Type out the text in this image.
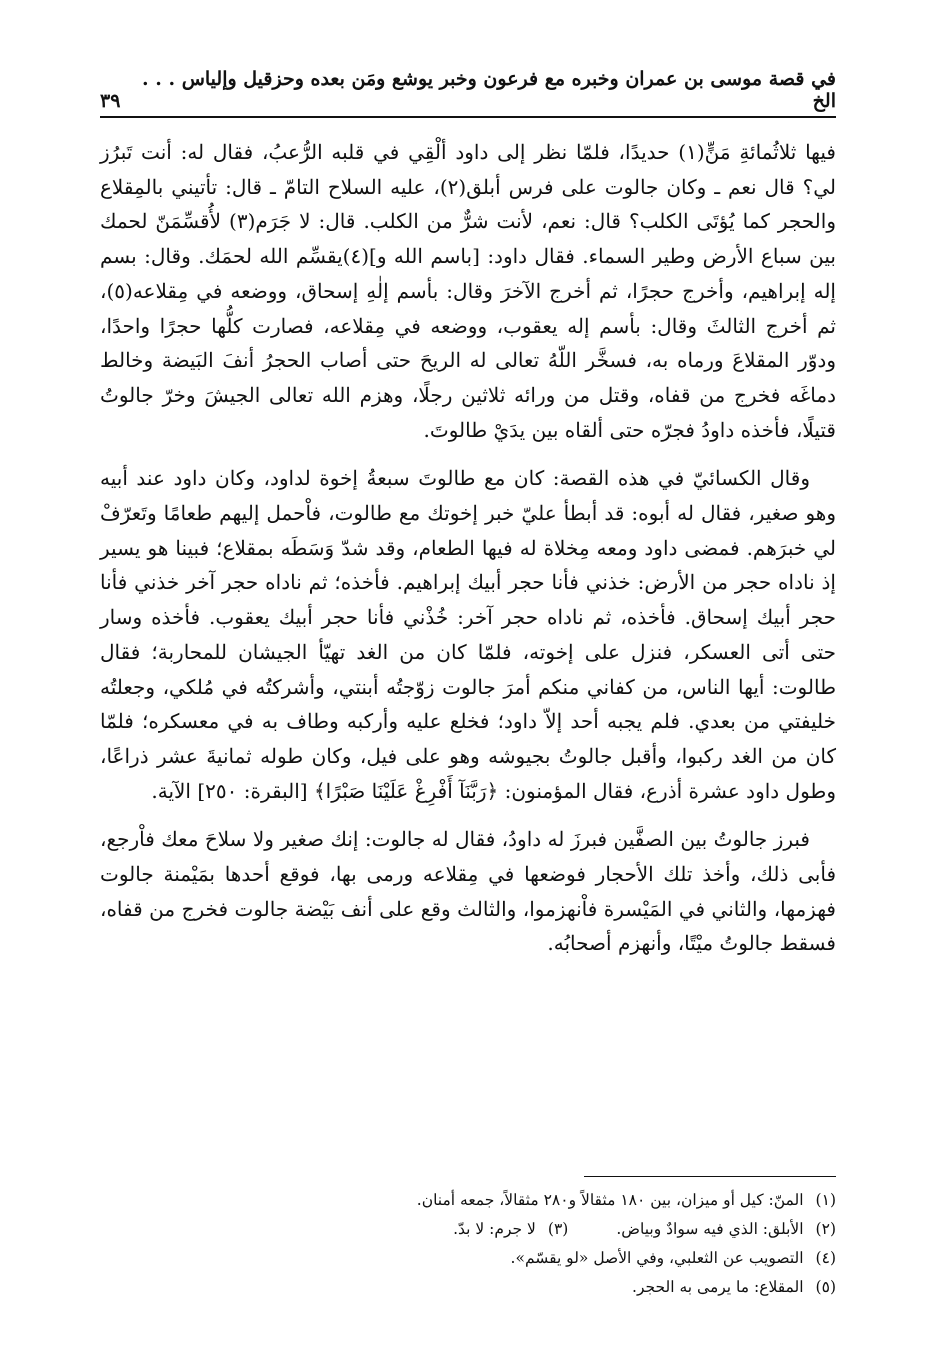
في قصة موسى بن عمران وخبره مع فرعون وخبر يوشع ومَن بعده وحزقيل وإلياس . . . الخ
٣٩

فيها ثلاثُمائةِ مَنٍّ(١) حديدًا، فلمّا نظر إلى داود ألْقِي في قلبه الرُّعبُ، فقال له: أنت تَبرُز لي؟ قال نعم ـ وكان جالوت على فرس أبلق(٢)، عليه السلاح التامّ ـ قال: تأتيني بالمِقلاع والحجر كما يُؤتَى الكلب؟ قال: نعم، لأنت شرٌّ من الكلب. قال: لا جَرَم(٣) لأُقسِّمَنّ لحمك بين سباع الأرض وطير السماء. فقال داود: [باسم الله و](٤)يقسِّم الله لحمَك. وقال: بسم إله إبراهيم، وأخرج حجرًا، ثم أخرج الآخرَ وقال: بأسم إلٰهِ إسحاق، ووضعه في مِقلاعه(٥)، ثم أخرج الثالثَ وقال: بأسم إله يعقوب، ووضعه في مِقلاعه، فصارت كلُّها حجرًا واحدًا، ودوّر المقلاعَ ورماه به، فسخَّر اللّهُ تعالى له الريحَ حتى أصاب الحجرُ أنفَ البَيضة وخالط دماغَه فخرج من قفاه، وقتل من ورائه ثلاثين رجلًا، وهزم الله تعالى الجيشَ وخرّ جالوتُ قتيلًا، فأخذه داودُ فجرّه حتى ألقاه بين يدَيْ طالوتَ.

وقال الكسائيّ في هذه القصة: كان مع طالوتَ سبعةُ إخوة لداود، وكان داود عند أبيه وهو صغير، فقال له أبوه: قد أبطأ عليّ خبر إخوتك مع طالوت، فاْحمل إليهم طعامًا وتَعرّفْ لي خبرَهم. فمضى داود ومعه مِخلاة له فيها الطعام، وقد شدّ وَسَطَه بمقلاع؛ فبينا هو يسير إذ ناداه حجر من الأرض: خذني فأنا حجر أبيك إبراهيم. فأخذه؛ ثم ناداه حجر آخر خذني فأنا حجر أبيك إسحاق. فأخذه، ثم ناداه حجر آخر: خُذْني فأنا حجر أبيك يعقوب. فأخذه وسار حتى أتى العسكر، فنزل على إخوته، فلمّا كان من الغد تهيّأ الجيشان للمحاربة؛ فقال طالوت: أيها الناس، من كفاني منكم أمرَ جالوت زوّجتُه أبنتي، وأشركتُه في مُلكي، وجعلتُه خليفتي من بعدي. فلم يجبه أحد إلاّ داود؛ فخلع عليه وأركبه وطاف به في معسكره؛ فلمّا كان من الغد ركبوا، وأقبل جالوتُ بجيوشه وهو على فيل، وكان طوله ثمانيةَ عشر ذراعًا، وطول داود عشرة أذرع، فقال المؤمنون: ﴿رَبَّنَآ أَفْرِغْ عَلَيْنَا صَبْرًا﴾ [البقرة: ٢٥٠] الآية.

فبرز جالوتُ بين الصفَّين فبرزَ له داودُ، فقال له جالوت: إنك صغير ولا سلاحَ معك فاْرجع، فأبى ذلك، وأخذ تلك الأحجار فوضعها في مِقلاعه ورمى بها، فوقع أحدها بمَيْمنة جالوت فهزمها، والثاني في المَيْسرة فاْنهزموا، والثالث وقع على أنف بَيْضة جالوت فخرج من قفاه، فسقط جالوتُ ميْتًا، وأنهزم أصحابُه.

(١)
المنّ: كيل أو ميزان، بين ١٨٠ مثقالاً و٢٨٠ مثقالاً، جمعه أمنان.
(٢)
الأبلق: الذي فيه سوادٌ وبياض.
(٣)
لا جرم: لا بدّ.
(٤)
التصويب عن الثعلبي، وفي الأصل «لو يقسّم».
(٥)
المقلاع: ما يرمى به الحجر.
